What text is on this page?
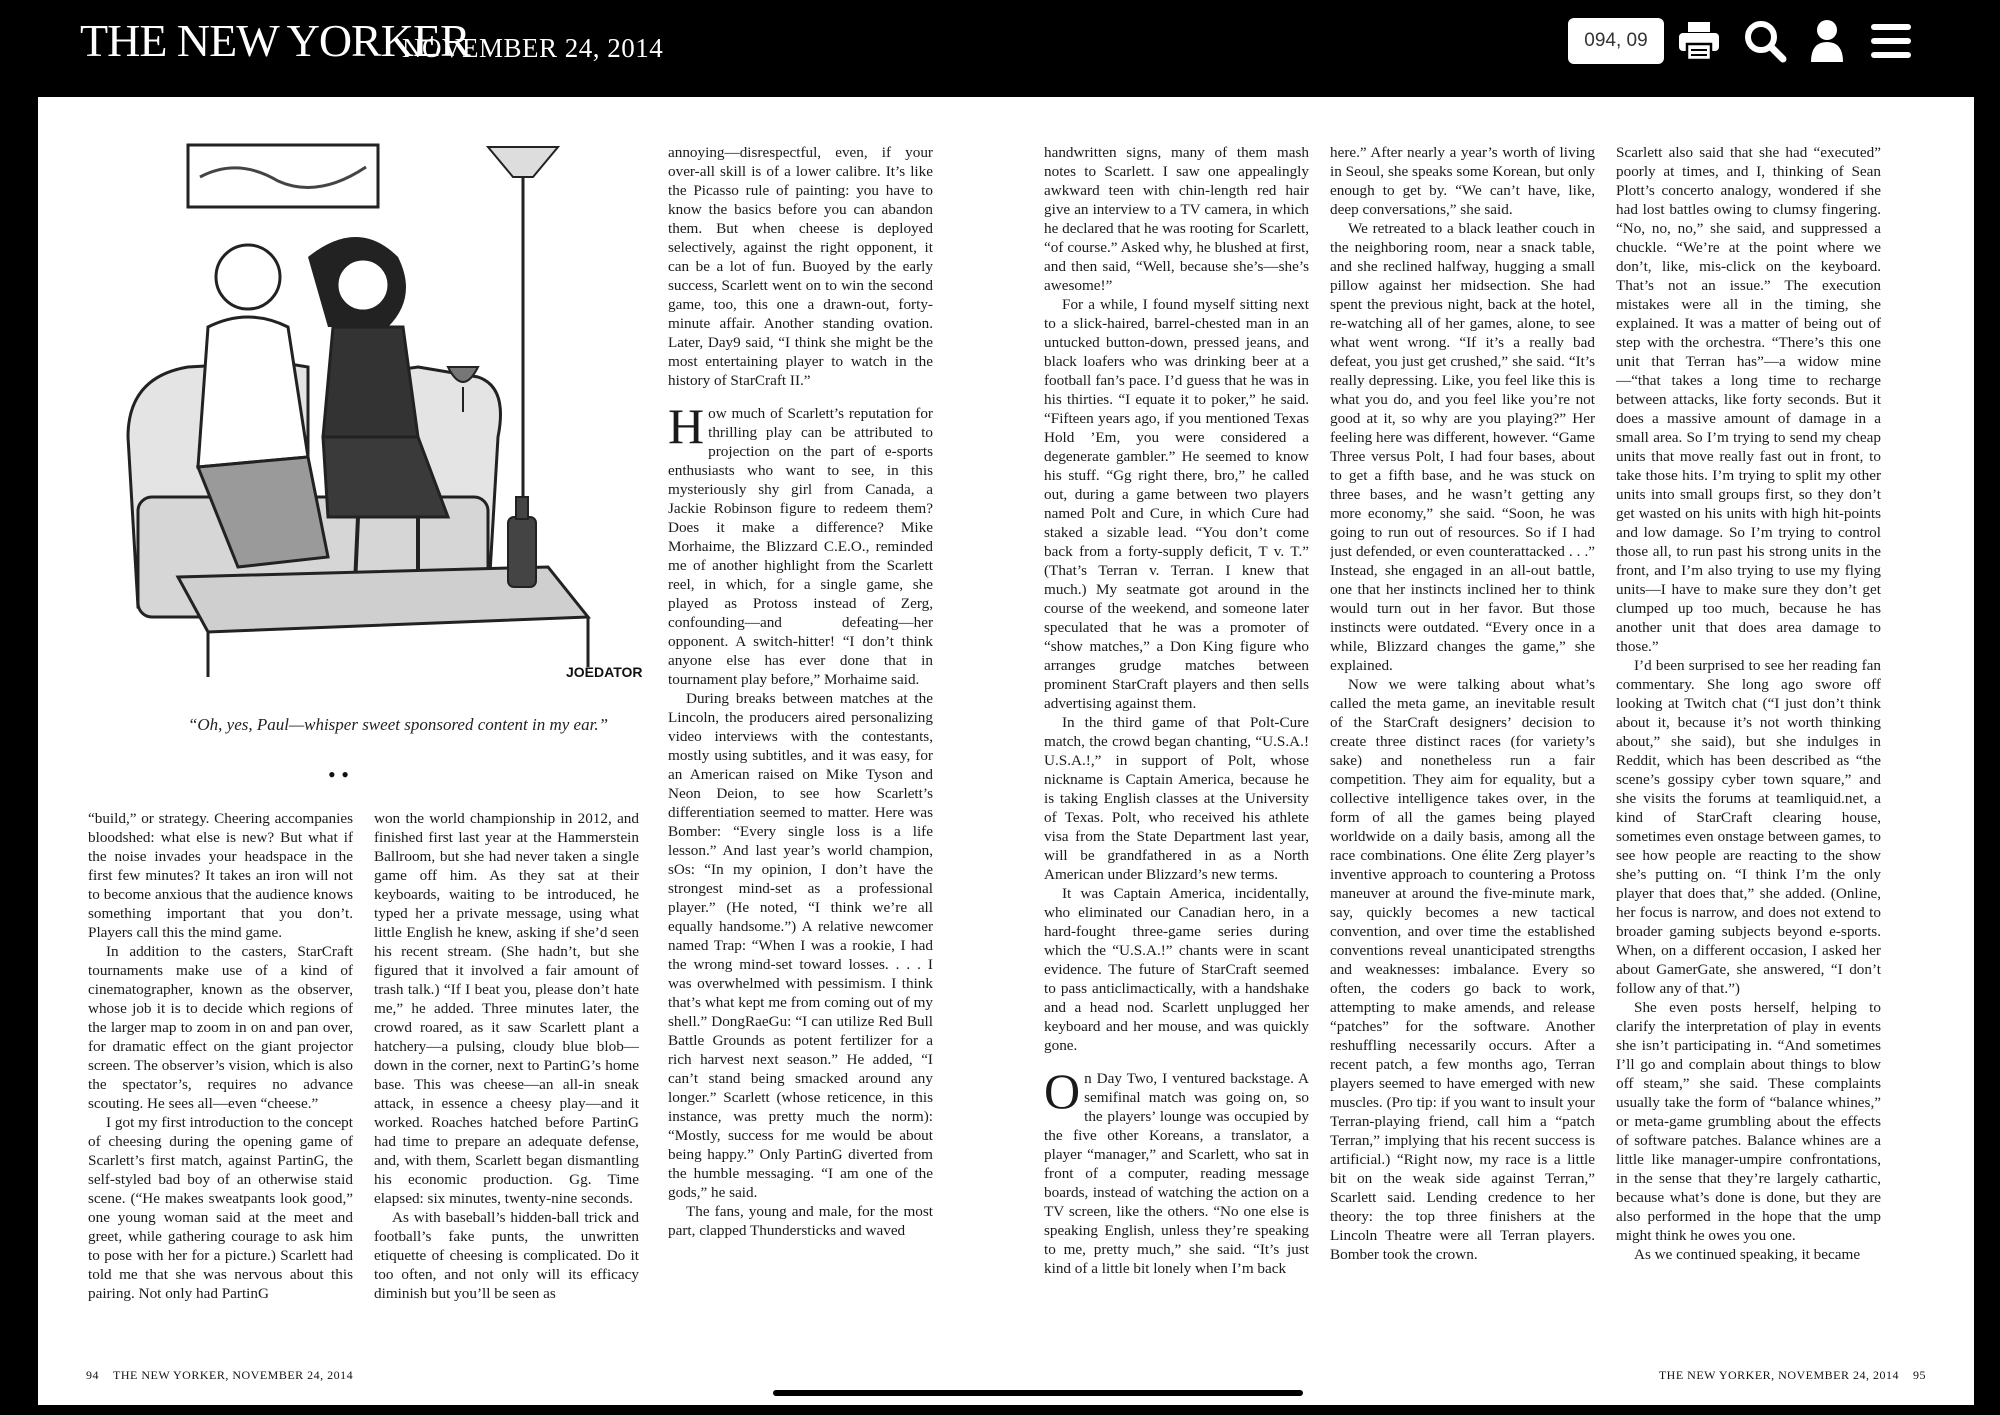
THE NEW YORKER
NOVEMBER 24, 2014	094, 09
JOEDATOR
“Oh, yes, Paul—whisper sweet sponsored content in my ear.”
• •

“build,” or strategy. Cheering accompanies bloodshed: what else is new? But what if the noise invades your headspace in the first few minutes? It takes an iron will not to become anxious that the audience knows something important that you don’t. Players call this the mind game.

In addition to the casters, StarCraft tournaments make use of a kind of cinematographer, known as the observer, whose job it is to decide which regions of the larger map to zoom in on and pan over, for dramatic effect on the giant projector screen. The observer’s vision, which is also the spectator’s, requires no advance scouting. He sees all—even “cheese.”

I got my first introduction to the concept of cheesing during the opening game of Scarlett’s first match, against PartinG, the self-styled bad boy of an otherwise staid scene. (“He makes sweatpants look good,” one young woman said at the meet and greet, while gathering courage to ask him to pose with her for a picture.) Scarlett had told me that she was nervous about this pairing. Not only had PartinG

won the world championship in 2012, and finished first last year at the Hammerstein Ballroom, but she had never taken a single game off him. As they sat at their keyboards, waiting to be introduced, he typed her a private message, using what little English he knew, asking if she’d seen his recent stream. (She hadn’t, but she figured that it involved a fair amount of trash talk.) “If I beat you, please don’t hate me,” he added. Three minutes later, the crowd roared, as it saw Scarlett plant a hatchery—a pulsing, cloudy blue blob—down in the corner, next to PartinG’s home base. This was cheese—an all-in sneak attack, in essence a cheesy play—and it worked. Roaches hatched before PartinG had time to prepare an adequate defense, and, with them, Scarlett began dismantling his economic production. Gg. Time elapsed: six minutes, twenty-nine seconds.

As with baseball’s hidden-ball trick and football’s fake punts, the unwritten etiquette of cheesing is complicated. Do it too often, and not only will its efficacy diminish but you’ll be seen as

annoying—disrespectful, even, if your over-all skill is of a lower calibre. It’s like the Picasso rule of painting: you have to know the basics before you can abandon them. But when cheese is deployed selectively, against the right opponent, it can be a lot of fun. Buoyed by the early success, Scarlett went on to win the second game, too, this one a drawn-out, forty-minute affair. Another standing ovation. Later, Day9 said, “I think she might be the most entertaining player to watch in the history of StarCraft II.”

How much of Scarlett’s reputation for thrilling play can be attributed to projection on the part of e-sports enthusiasts who want to see, in this mysteriously shy girl from Canada, a Jackie Robinson figure to redeem them? Does it make a difference? Mike Morhaime, the Blizzard C.E.O., reminded me of another highlight from the Scarlett reel, in which, for a single game, she played as Protoss instead of Zerg, confounding—and defeating—her opponent. A switch-hitter! “I don’t think anyone else has ever done that in tournament play before,” Morhaime said.

During breaks between matches at the Lincoln, the producers aired personalizing video interviews with the contestants, mostly using subtitles, and it was easy, for an American raised on Mike Tyson and Neon Deion, to see how Scarlett’s differentiation seemed to matter. Here was Bomber: “Every single loss is a life lesson.” And last year’s world champion, sOs: “In my opinion, I don’t have the strongest mind-set as a professional player.” (He noted, “I think we’re all equally handsome.”) A relative newcomer named Trap: “When I was a rookie, I had the wrong mind-set toward losses. . . . I was overwhelmed with pessimism. I think that’s what kept me from coming out of my shell.” DongRaeGu: “I can utilize Red Bull Battle Grounds as potent fertilizer for a rich harvest next season.” He added, “I can’t stand being smacked around any longer.” Scarlett (whose reticence, in this instance, was pretty much the norm): “Mostly, success for me would be about being happy.” Only PartinG diverted from the humble messaging. “I am one of the gods,” he said.

The fans, young and male, for the most part, clapped Thundersticks and waved

94 THE NEW YORKER, NOVEMBER 24, 2014

handwritten signs, many of them mash notes to Scarlett. I saw one appealingly awkward teen with chin-length red hair give an interview to a TV camera, in which he declared that he was rooting for Scarlett, “of course.” Asked why, he blushed at first, and then said, “Well, because she’s—she’s awesome!”

For a while, I found myself sitting next to a slick-haired, barrel-chested man in an untucked button-down, pressed jeans, and black loafers who was drinking beer at a football fan’s pace. I’d guess that he was in his thirties. “I equate it to poker,” he said. “Fifteen years ago, if you mentioned Texas Hold ’Em, you were considered a degenerate gambler.” He seemed to know his stuff. “Gg right there, bro,” he called out, during a game between two players named Polt and Cure, in which Cure had staked a sizable lead. “You don’t come back from a forty-supply deficit, T v. T.” (That’s Terran v. Terran. I knew that much.) My seatmate got around in the course of the weekend, and someone later speculated that he was a promoter of “show matches,” a Don King figure who arranges grudge matches between prominent StarCraft players and then sells advertising against them.

In the third game of that Polt-Cure match, the crowd began chanting, “U.S.A.! U.S.A.!,” in support of Polt, whose nickname is Captain America, because he is taking English classes at the University of Texas. Polt, who received his athlete visa from the State Department last year, will be grandfathered in as a North American under Blizzard’s new terms.

It was Captain America, incidentally, who eliminated our Canadian hero, in a hard-fought three-game series during which the “U.S.A.!” chants were in scant evidence. The future of StarCraft seemed to pass anticlimactically, with a handshake and a head nod. Scarlett unplugged her keyboard and her mouse, and was quickly gone.

On Day Two, I ventured backstage. A semifinal match was going on, so the players’ lounge was occupied by the five other Koreans, a translator, a player “manager,” and Scarlett, who sat in front of a computer, reading message boards, instead of watching the action on a TV screen, like the others. “No one else is speaking English, unless they’re speaking to me, pretty much,” she said. “It’s just kind of a little bit lonely when I’m back

here.” After nearly a year’s worth of living in Seoul, she speaks some Korean, but only enough to get by. “We can’t have, like, deep conversations,” she said.

We retreated to a black leather couch in the neighboring room, near a snack table, and she reclined halfway, hugging a small pillow against her midsection. She had spent the previous night, back at the hotel, re-watching all of her games, alone, to see what went wrong. “If it’s a really bad defeat, you just get crushed,” she said. “It’s really depressing. Like, you feel like this is what you do, and you feel like you’re not good at it, so why are you playing?” Her feeling here was different, however. “Game Three versus Polt, I had four bases, about to get a fifth base, and he was stuck on three bases, and he wasn’t getting any more economy,” she said. “Soon, he was going to run out of resources. So if I had just defended, or even counterattacked . . .” Instead, she engaged in an all-out battle, one that her instincts inclined her to think would turn out in her favor. But those instincts were outdated. “Every once in a while, Blizzard changes the game,” she explained.

Now we were talking about what’s called the meta game, an inevitable result of the StarCraft designers’ decision to create three distinct races (for variety’s sake) and nonetheless run a fair competition. They aim for equality, but a collective intelligence takes over, in the form of all the games being played worldwide on a daily basis, among all the race combinations. One élite Zerg player’s inventive approach to countering a Protoss maneuver at around the five-minute mark, say, quickly becomes a new tactical convention, and over time the established conventions reveal unanticipated strengths and weaknesses: imbalance. Every so often, the coders go back to work, attempting to make amends, and release “patches” for the software. Another reshuffling necessarily occurs. After a recent patch, a few months ago, Terran players seemed to have emerged with new muscles. (Pro tip: if you want to insult your Terran-playing friend, call him a “patch Terran,” implying that his recent success is artificial.) “Right now, my race is a little bit on the weak side against Terran,” Scarlett said. Lending credence to her theory: the top three finishers at the Lincoln Theatre were all Terran players. Bomber took the crown.

Scarlett also said that she had “executed” poorly at times, and I, thinking of Sean Plott’s concerto analogy, wondered if she had lost battles owing to clumsy fingering. “No, no, no,” she said, and suppressed a chuckle. “We’re at the point where we don’t, like, mis-click on the keyboard. That’s not an issue.” The execution mistakes were all in the timing, she explained. It was a matter of being out of step with the orchestra. “There’s this one unit that Terran has”—a widow mine—“that takes a long time to recharge between attacks, like forty seconds. But it does a massive amount of damage in a small area. So I’m trying to send my cheap units that move really fast out in front, to take those hits. I’m trying to split my other units into small groups first, so they don’t get wasted on his units with high hit-points and low damage. So I’m trying to control those all, to run past his strong units in the front, and I’m also trying to use my flying units—I have to make sure they don’t get clumped up too much, because he has another unit that does area damage to those.”

I’d been surprised to see her reading fan commentary. She long ago swore off looking at Twitch chat (“I just don’t think about it, because it’s not worth thinking about,” she said), but she indulges in Reddit, which has been described as “the scene’s gossipy cyber town square,” and she visits the forums at teamliquid.net, a kind of StarCraft clearing house, sometimes even onstage between games, to see how people are reacting to the show she’s putting on. “I think I’m the only player that does that,” she added. (Online, her focus is narrow, and does not extend to broader gaming subjects beyond e-sports. When, on a different occasion, I asked her about GamerGate, she answered, “I don’t follow any of that.”)

She even posts herself, helping to clarify the interpretation of play in events she isn’t participating in. “And sometimes I’ll go and complain about things to blow off steam,” she said. These complaints usually take the form of “balance whines,” or meta-game grumbling about the effects of software patches. Balance whines are a little like manager-umpire confrontations, in the sense that they’re largely cathartic, because what’s done is done, but they are also performed in the hope that the ump might think he owes you one.

As we continued speaking, it became

THE NEW YORKER, NOVEMBER 24, 2014 95
